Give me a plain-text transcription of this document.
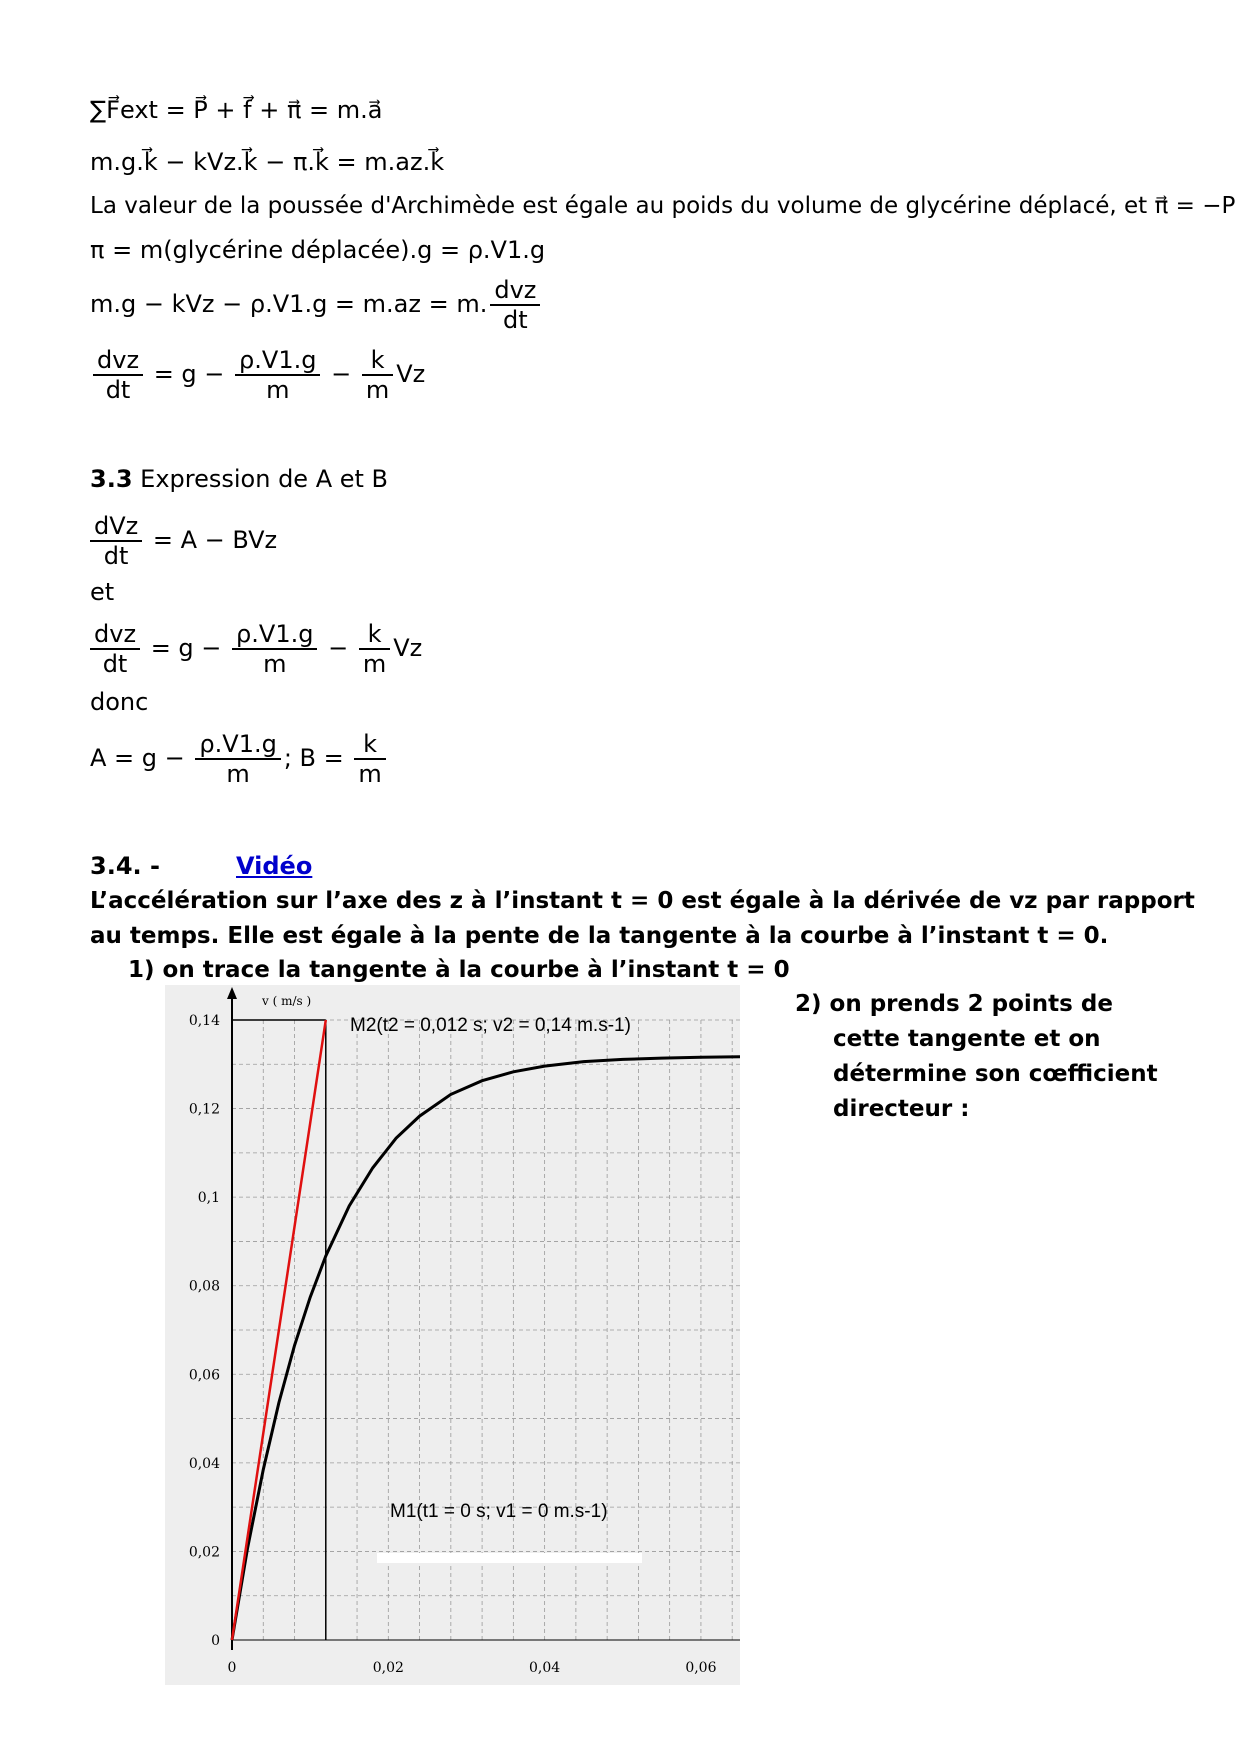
∑F⃗ext = P⃗ + f⃗ + π⃗ = m.a⃗
m.g.k⃗ − kVz.k⃗ − π.k⃗ = m.az.k⃗
La valeur de la poussée d'Archimède est égale au poids du volume de glycérine déplacé, et π⃗ = −P
π = m(glycérine déplacée).g = ρ.V1.g
m.g − kVz − ρ.V1.g = m.az = m. $\frac{\text{dvz}}{dt}$
$\frac{\text{dvz}}{dt} = g - \frac{\rho.V1.g}{m} - \frac{k}{m}$ Vz
3.3 Expression de A et B
$\frac{\text{dVz}}{dt} = A$ − BVz
et
$\frac{\text{dvz}}{dt} = g - \frac{\rho.V1.g}{m} - \frac{k}{m}$ Vz
donc
$A = g - \frac{\rho.V1.g}{m}$ ; $B = \frac{k}{m}$
3.4. -	Vidéo
L’accélération sur l’axe des z à l’instant t = 0 est égale à la dérivée de vz par rapport
au temps. Elle est égale à la pente de la tangente à la courbe à l’instant t = 0.
1) on trace la tangente à la courbe à l’instant t = 0
2) on prends 2 points de
cette tangente et on
détermine son cœfficient
directeur :
0
0,02
0,04
0,06
0,08
0,1
0,12
0,14
0	0,02	0,04	0,06
v ( m/s )
M2(t2 = 0,012 s; v2 = 0,14 m.s-1)
M1(t1 = 0 s; v1 = 0 m.s-1)
